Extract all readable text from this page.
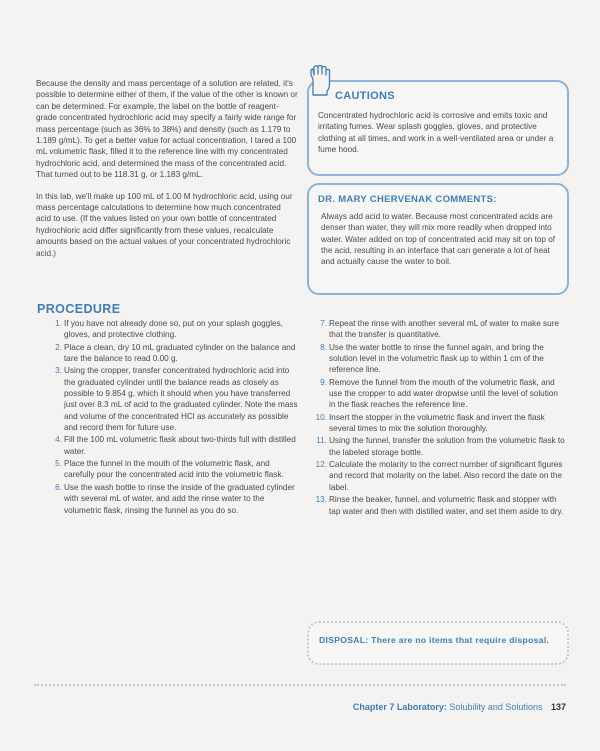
Because the density and mass percentage of a solution are related, it's possible to determine either of them, if the value of the other is known or can be determined. For example, the label on the bottle of reagent-grade concentrated hydrochloric acid may specify a fairly wide range for mass percentage (such as 36% to 38%) and density (such as 1.179 to 1.189 g/mL). To get a better value for actual concentration, I tared a 100 mL volumetric flask, filled it to the reference line with my concentrated hydrochloric acid, and determined the mass of the concentrated acid. That turned out to be 118.31 g, or 1.183 g/mL.

In this lab, we'll make up 100 mL of 1.00 M hydrochloric acid, using our mass percentage calculations to determine how much concentrated acid to use. (If the values listed on your own bottle of concentrated hydrochloric acid differ significantly from these values, recalculate amounts based on the actual values of your concentrated hydrochloric acid.)

CAUTIONS
Concentrated hydrochloric acid is corrosive and emits toxic and irritating fumes. Wear splash goggles, gloves, and protective clothing at all times, and work in a well-ventilated area or under a fume hood.
DR. MARY CHERVENAK COMMENTS:
Always add acid to water. Because most concentrated acids are denser than water, they will mix more readily when dropped into water. Water added on top of concentrated acid may sit on top of the acid, resulting in an interface that can generate a lot of heat and actually cause the water to boil.
PROCEDURE
1. If you have not already done so, put on your splash goggles, gloves, and protective clothing.
2. Place a clean, dry 10 mL graduated cylinder on the balance and tare the balance to read 0.00 g.
3. Using the cropper, transfer concentrated hydrochloric acid into the graduated cylinder until the balance reads as closely as possible to 9.854 g, which it should when you have transferred just over 8.3 mL of acid to the graduated cylinder. Note the mass and volume of the concentrated HCl as accurately as possible and record them for future use.
4. Fill the 100 mL volumetric flask about two-thirds full with distilled water.
5. Place the funnel in the mouth of the volumetric flask, and carefully pour the concentrated acid into the volumetric flask.
6. Use the wash bottle to rinse the inside of the graduated cylinder with several mL of water, and add the rinse water to the volumetric flask, rinsing the funnel as you do so.
7. Repeat the rinse with another several mL of water to make sure that the transfer is quantitative.
8. Use the water bottle to rinse the funnel again, and bring the solution level in the volumetric flask up to within 1 cm of the reference line.
9. Remove the funnel from the mouth of the volumetric flask, and use the cropper to add water dropwise until the level of solution in the flask reaches the reference line.
10. Insert the stopper in the volumetric flask and invert the flask several times to mix the solution thoroughly.
11. Using the funnel, transfer the solution from the volumetric flask to the labeled storage bottle.
12. Calculate the molarity to the correct number of significant figures and record that molarity on the label. Also record the date on the label.
13. Rinse the beaker, funnel, and volumetric flask and stopper with tap water and then with distilled water, and set them aside to dry.
DISPOSAL: There are no items that require disposal.
Chapter 7 Laboratory: Solubility and Solutions 137
